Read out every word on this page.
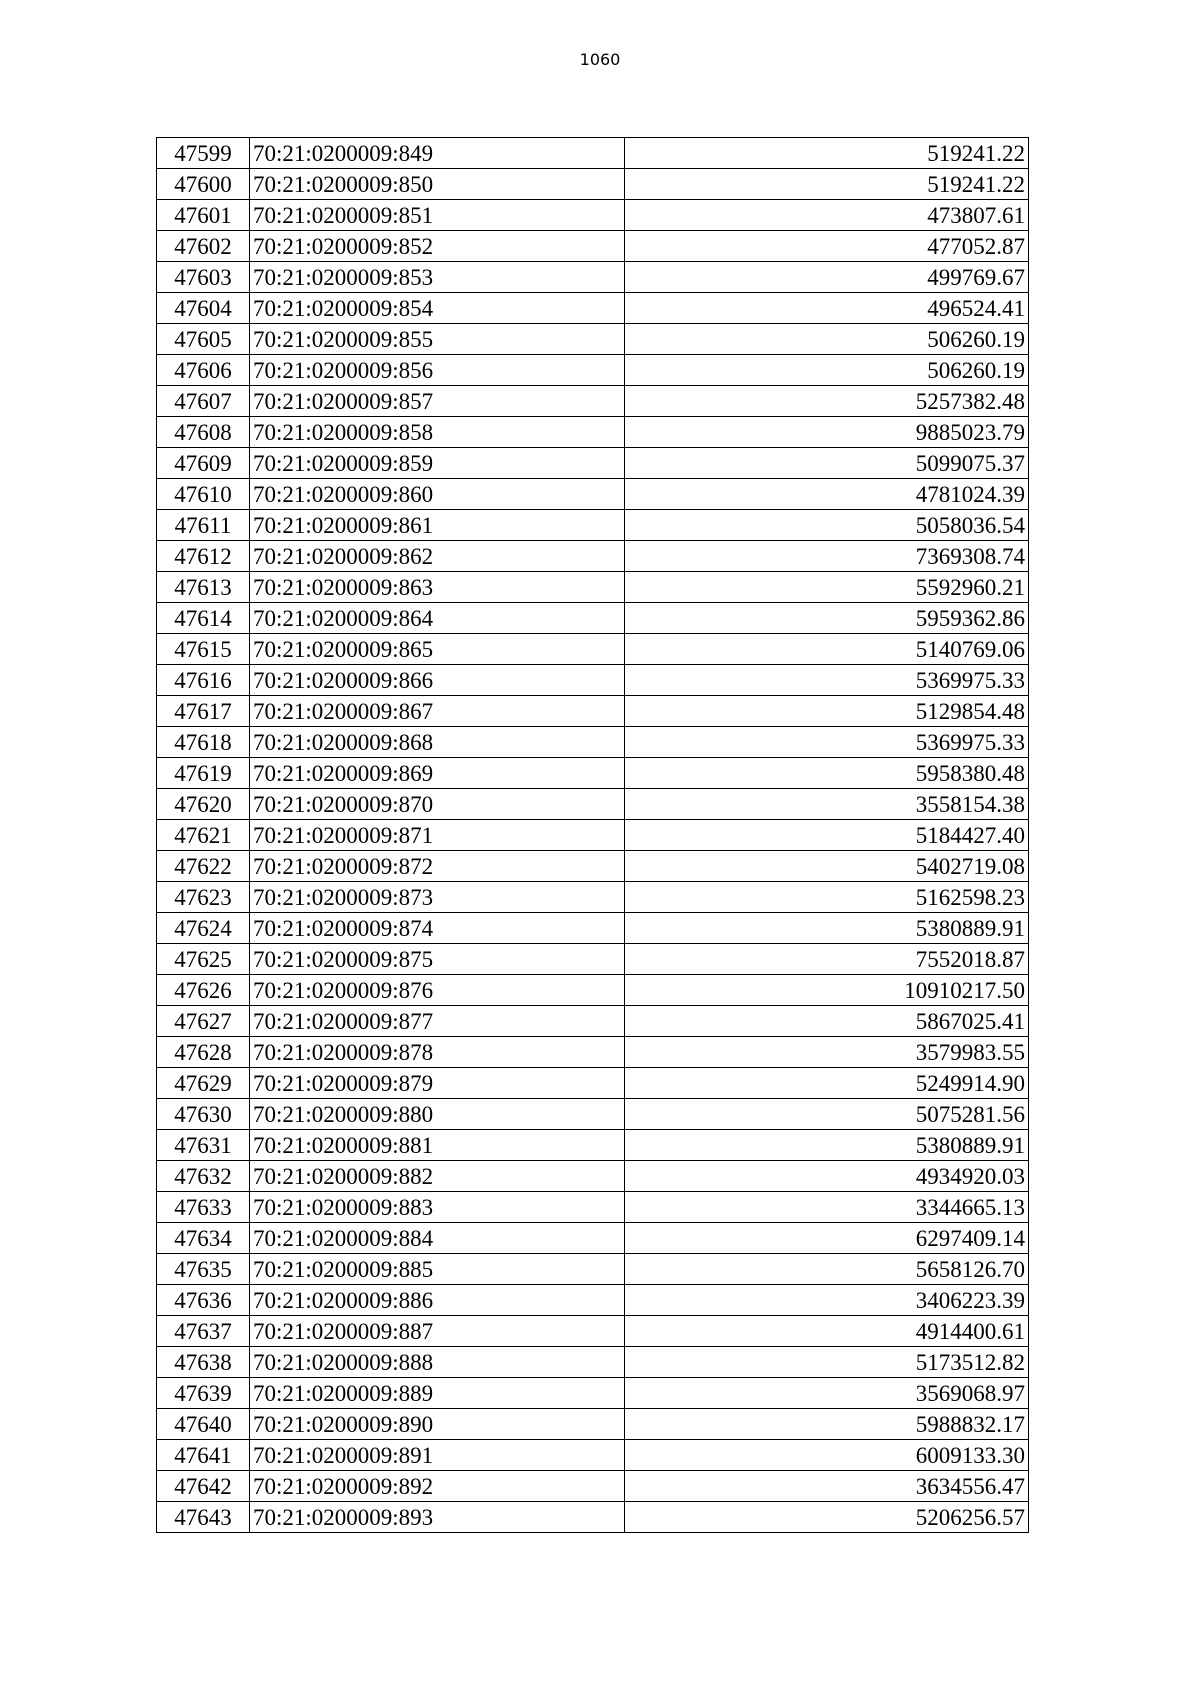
1060
47599	70:21:0200009:849	519241.22
47600	70:21:0200009:850	519241.22
47601	70:21:0200009:851	473807.61
47602	70:21:0200009:852	477052.87
47603	70:21:0200009:853	499769.67
47604	70:21:0200009:854	496524.41
47605	70:21:0200009:855	506260.19
47606	70:21:0200009:856	506260.19
47607	70:21:0200009:857	5257382.48
47608	70:21:0200009:858	9885023.79
47609	70:21:0200009:859	5099075.37
47610	70:21:0200009:860	4781024.39
47611	70:21:0200009:861	5058036.54
47612	70:21:0200009:862	7369308.74
47613	70:21:0200009:863	5592960.21
47614	70:21:0200009:864	5959362.86
47615	70:21:0200009:865	5140769.06
47616	70:21:0200009:866	5369975.33
47617	70:21:0200009:867	5129854.48
47618	70:21:0200009:868	5369975.33
47619	70:21:0200009:869	5958380.48
47620	70:21:0200009:870	3558154.38
47621	70:21:0200009:871	5184427.40
47622	70:21:0200009:872	5402719.08
47623	70:21:0200009:873	5162598.23
47624	70:21:0200009:874	5380889.91
47625	70:21:0200009:875	7552018.87
47626	70:21:0200009:876	10910217.50
47627	70:21:0200009:877	5867025.41
47628	70:21:0200009:878	3579983.55
47629	70:21:0200009:879	5249914.90
47630	70:21:0200009:880	5075281.56
47631	70:21:0200009:881	5380889.91
47632	70:21:0200009:882	4934920.03
47633	70:21:0200009:883	3344665.13
47634	70:21:0200009:884	6297409.14
47635	70:21:0200009:885	5658126.70
47636	70:21:0200009:886	3406223.39
47637	70:21:0200009:887	4914400.61
47638	70:21:0200009:888	5173512.82
47639	70:21:0200009:889	3569068.97
47640	70:21:0200009:890	5988832.17
47641	70:21:0200009:891	6009133.30
47642	70:21:0200009:892	3634556.47
47643	70:21:0200009:893	5206256.57
